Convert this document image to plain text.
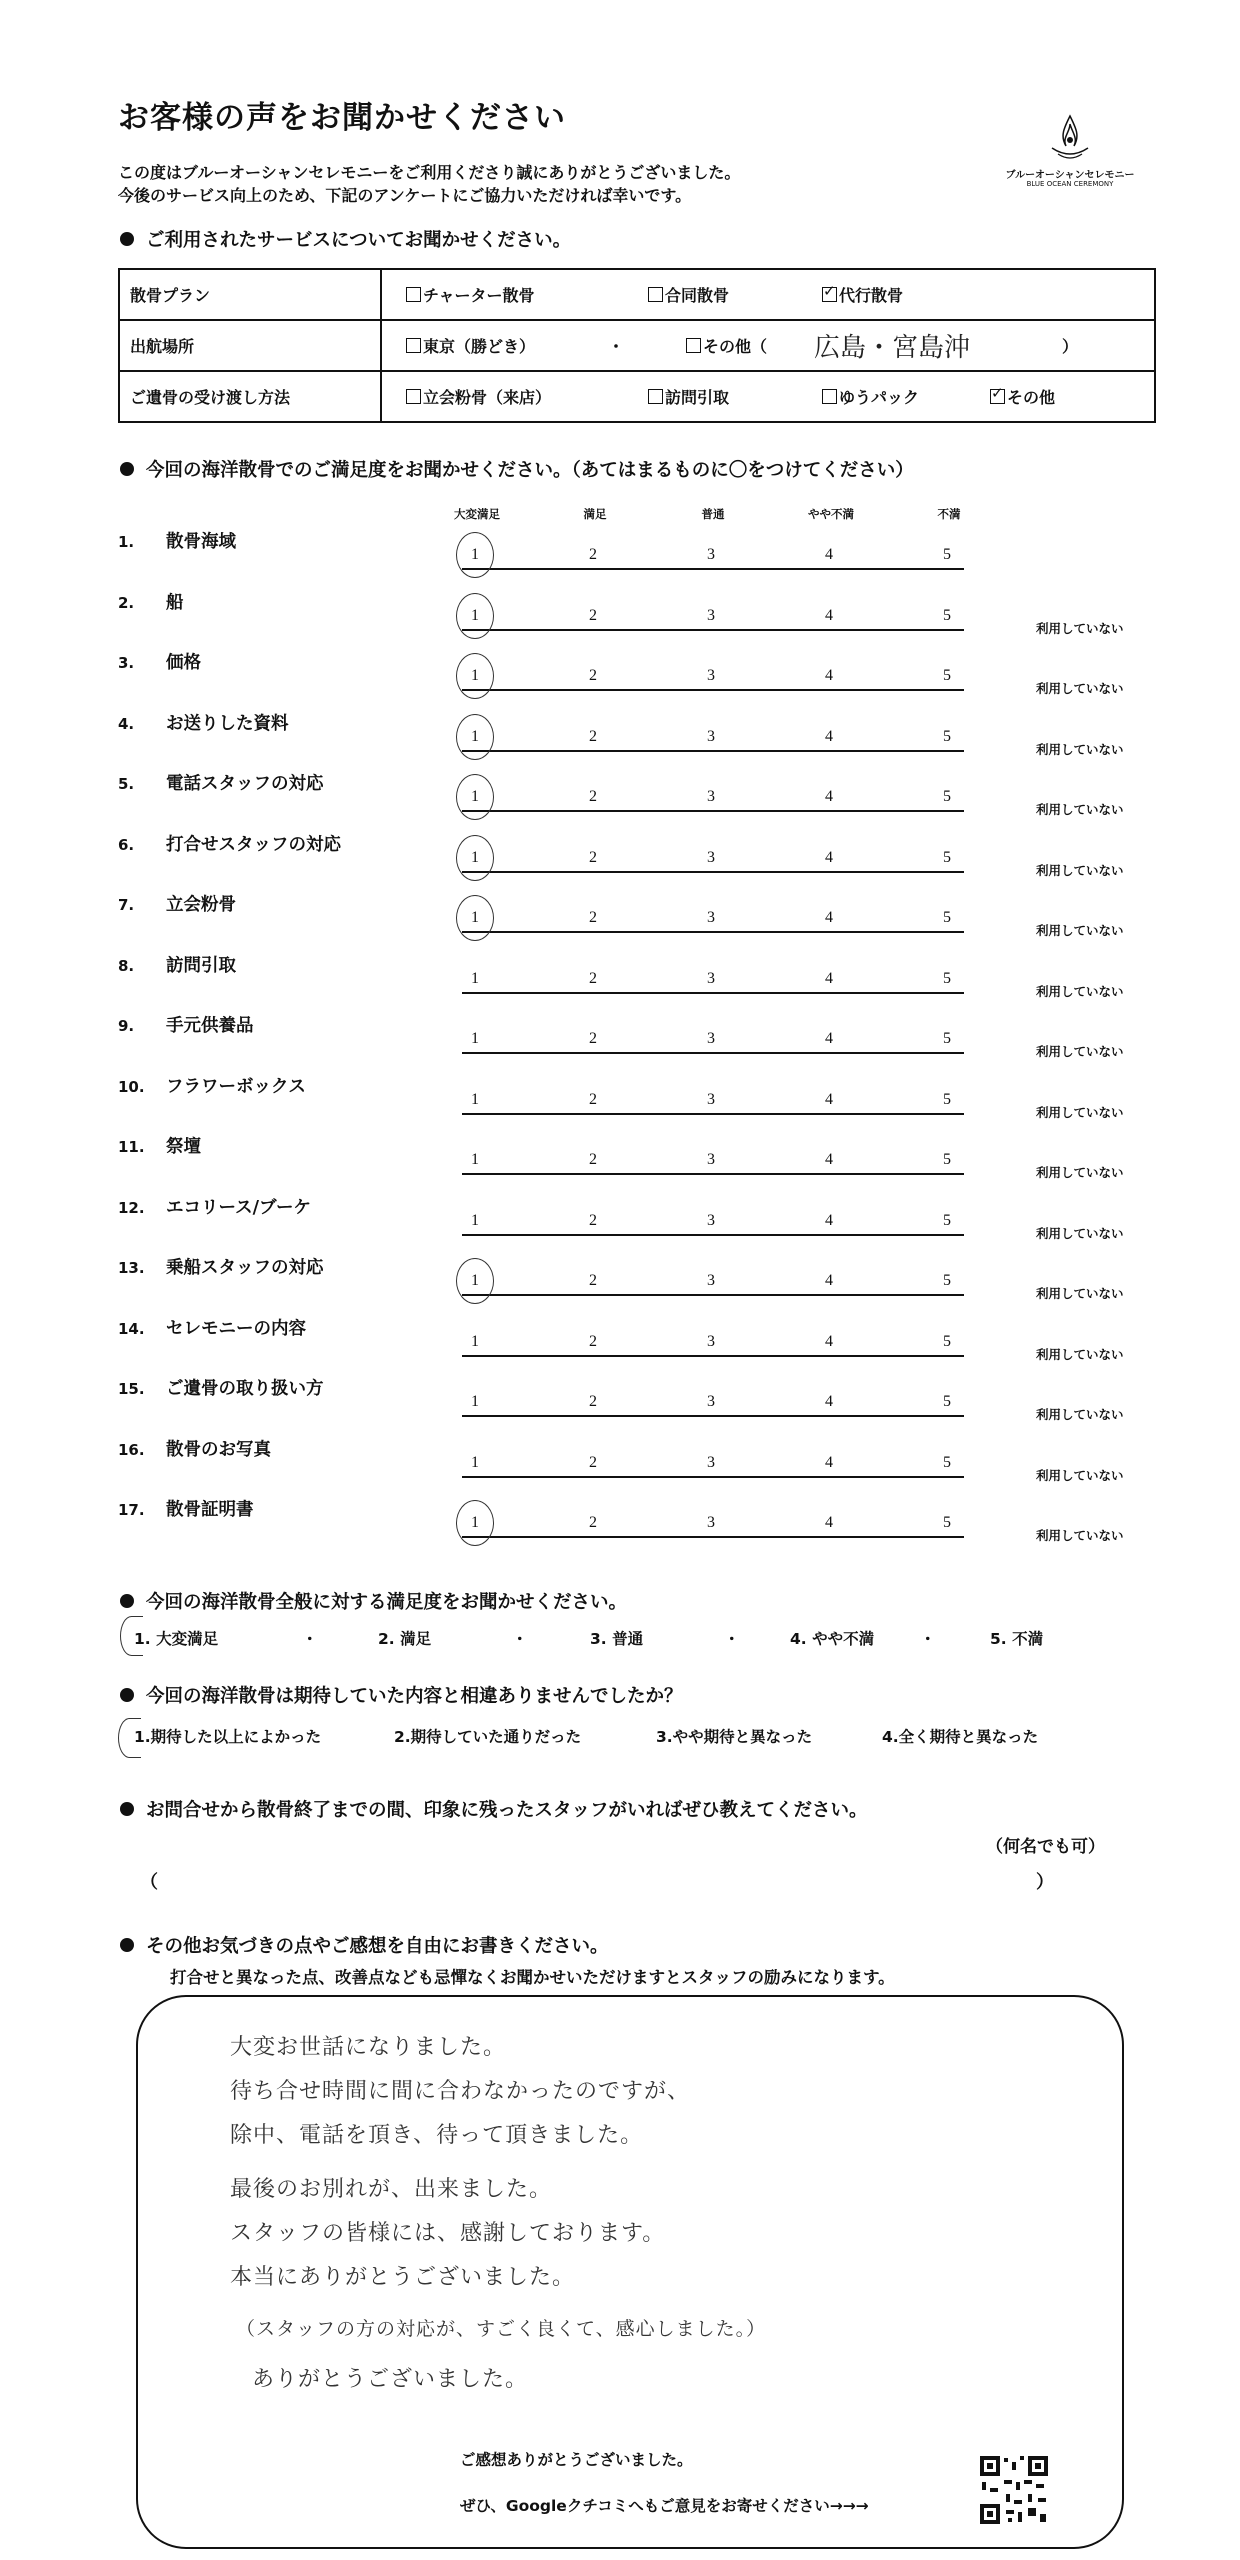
お客様の声をお聞かせください
この度はブルーオーシャンセレモニーをご利用くださり誠にありがとうございました。
今後のサービス向上のため、下記のアンケートにご協力いただければ幸いです。
ブルーオーシャンセレモニー
BLUE OCEAN CEREMONY
ご利用されたサービスについてお聞かせください。
散骨プラン	チャーター散骨 合同散骨 ✓ 代行散骨

出航場所	東京（勝どき） ・ その他（ 広島・宮島沖 ）

ご遺骨の受け渡し方法	立会粉骨（来店） 訪問引取 ゆうパック ✓ その他
今回の海洋散骨でのご満足度をお聞かせください。（あてはまるものに〇をつけてください）
大変満足	満足	普通	やや不満	不満
1. 散骨海域
1	2	3	4	5
2. 船
1	2	3	4	5
利用していない
3. 価格
1	2	3	4	5
利用していない
4. お送りした資料
1	2	3	4	5
利用していない
5. 電話スタッフの対応
1	2	3	4	5
利用していない
6. 打合せスタッフの対応
1	2	3	4	5
利用していない
7. 立会粉骨
1	2	3	4	5
利用していない
8. 訪問引取
1	2	3	4	5
利用していない
9. 手元供養品
1	2	3	4	5
利用していない
10. フラワーボックス
1	2	3	4	5
利用していない
11. 祭壇
1	2	3	4	5
利用していない
12. エコリース/ブーケ
1	2	3	4	5
利用していない
13. 乗船スタッフの対応
1	2	3	4	5
利用していない
14. セレモニーの内容
1	2	3	4	5
利用していない
15. ご遺骨の取り扱い方
1	2	3	4	5
利用していない
16. 散骨のお写真
1	2	3	4	5
利用していない
17. 散骨証明書
1	2	3	4	5
利用していない
今回の海洋散骨全般に対する満足度をお聞かせください。
1. 大変満足	・	2. 満足	・	3. 普通	・	4. やや不満	・	5. 不満
今回の海洋散骨は期待していた内容と相違ありませんでしたか？
1.期待した以上によかった	2.期待していた通りだった	3.やや期待と異なった	4.全く期待と異なった
お問合せから散骨終了までの間、印象に残ったスタッフがいればぜひ教えてください。
（何名でも可）
（	）
その他お気づきの点やご感想を自由にお書きください。
打合せと異なった点、改善点なども忌憚なくお聞かせいただけますとスタッフの励みになります。
大変お世話になりました。
待ち合せ時間に間に合わなかったのですが、
除中、電話を頂き、待って頂きました。
最後のお別れが、出来ました。
スタッフの皆様には、感謝しております。
本当にありがとうございました。
（スタッフの方の対応が、すごく良くて、感心しました。）
ありがとうございました。
ご感想ありがとうございました。
ぜひ、Googleクチコミへもご意見をお寄せください→→→
